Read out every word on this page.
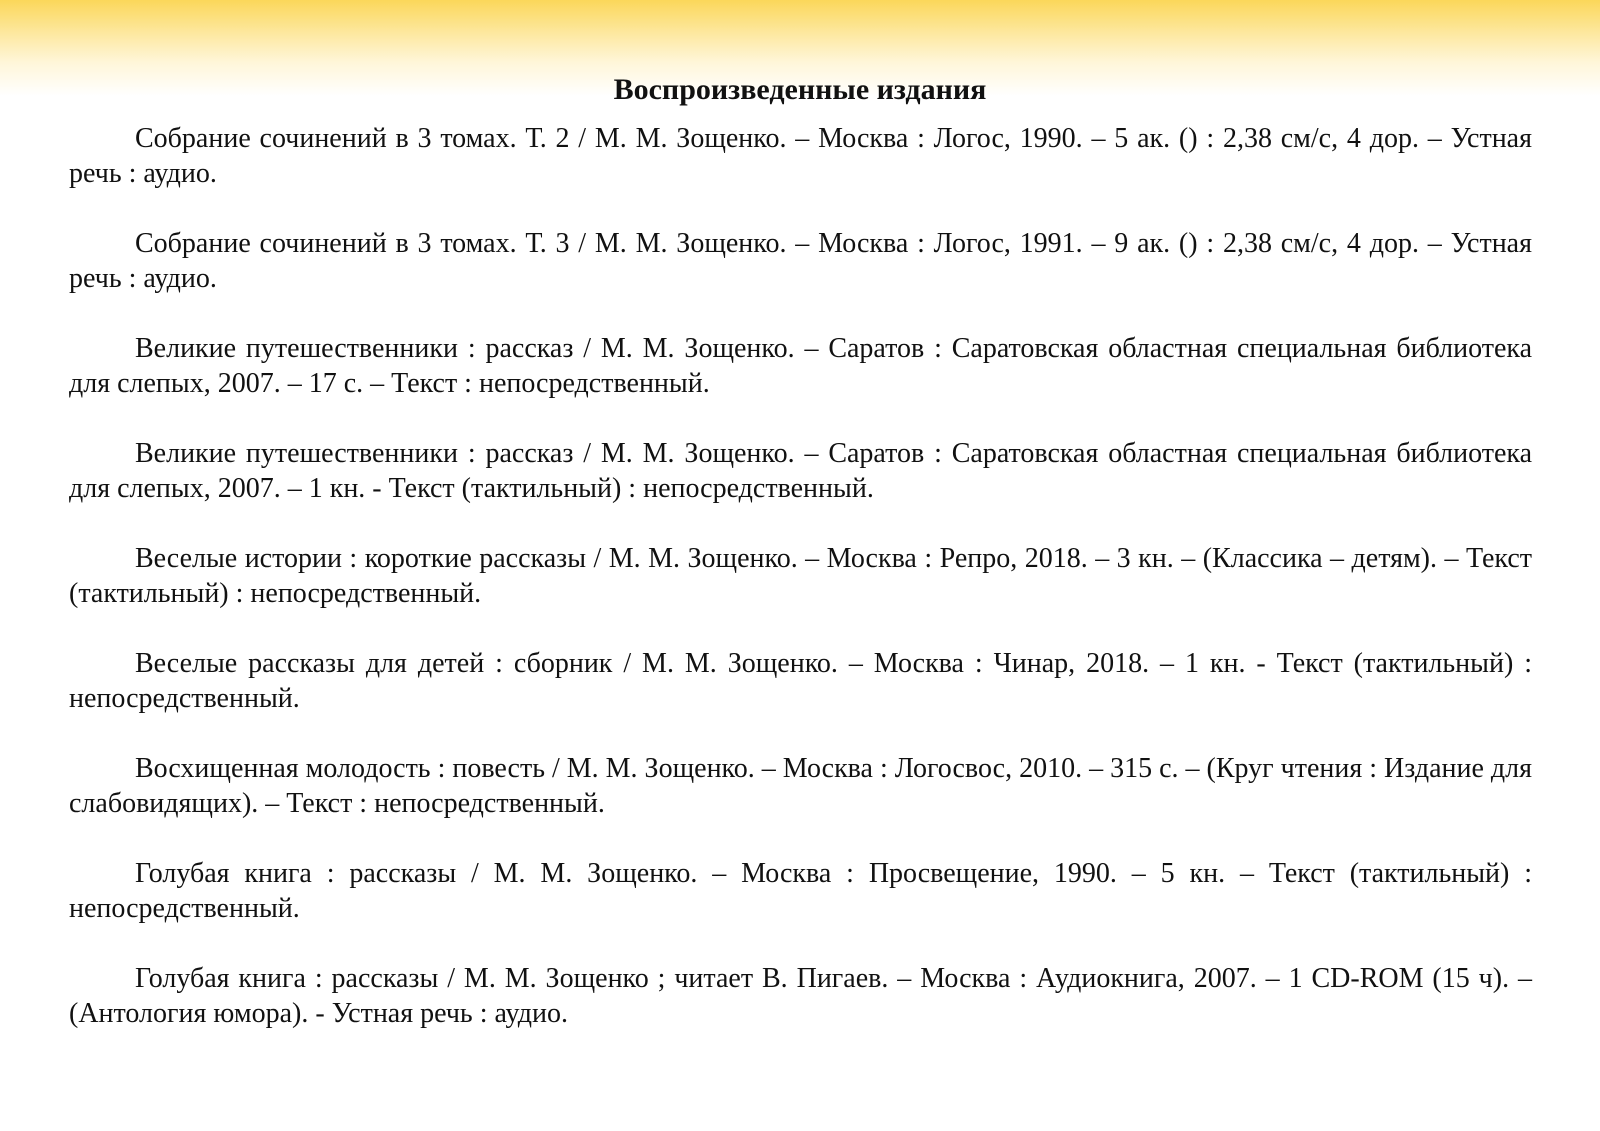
Воспроизведенные издания

Собрание сочинений в 3 томах. Т. 2 / М. М. Зощенко. – Москва : Логос, 1990. – 5 ак. () : 2,38 см/с, 4 дор. – Устная речь : аудио.

Собрание сочинений в 3 томах. Т. 3 / М. М. Зощенко. – Москва : Логос, 1991. – 9 ак. () : 2,38 см/с, 4 дор. – Устная речь : аудио.

Великие путешественники : рассказ / М. М. Зощенко. – Саратов : Саратовская областная специальная библиотека для слепых, 2007. – 17 с. – Текст : непосредственный.

Великие путешественники : рассказ / М. М. Зощенко. – Саратов : Саратовская областная специальная библиотека для слепых, 2007. – 1 кн. - Текст (тактильный) : непосредственный.

Веселые истории : короткие рассказы / М. М. Зощенко. – Москва : Репро, 2018. – 3 кн. – (Классика – детям). – Текст (тактильный) : непосредственный.

Веселые рассказы для детей : сборник / М. М. Зощенко. – Москва : Чинар, 2018. – 1 кн. - Текст (тактильный) : непосредственный.

Восхищенная молодость : повесть / М. М. Зощенко. – Москва : Логосвос, 2010. – 315 с. – (Круг чтения : Издание для слабовидящих). – Текст : непосредственный.

Голубая книга : рассказы / М. М. Зощенко. – Москва : Просвещение, 1990. – 5 кн. – Текст (тактильный) : непосредственный.

Голубая книга : рассказы / М. М. Зощенко ; читает В. Пигаев. – Москва : Аудиокнига, 2007. – 1 CD-ROM (15 ч). – (Антология юмора). - Устная речь : аудио.
